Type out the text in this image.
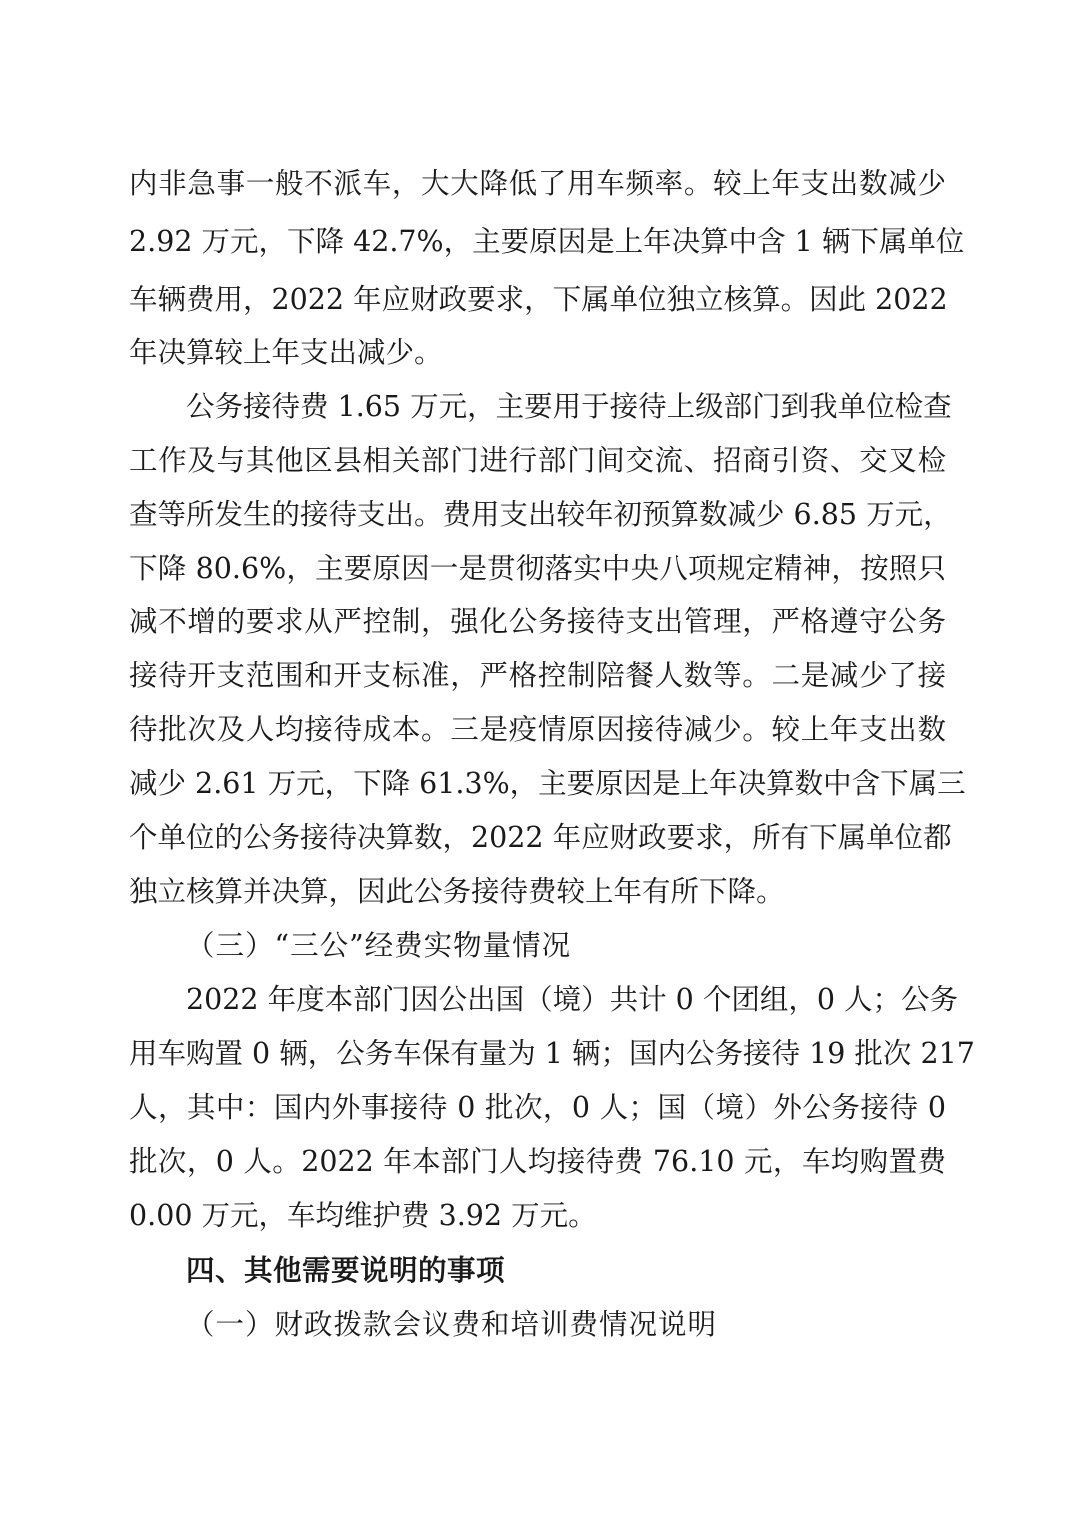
内非急事一般不派车，大大降低了用车频率。较上年支出数减少
2.92 万元，下降 42.7%，主要原因是上年决算中含 1 辆下属单位
车辆费用，2022 年应财政要求，下属单位独立核算。因此 2022
年决算较上年支出减少。
公务接待费 1.65 万元，主要用于接待上级部门到我单位检查
工作及与其他区县相关部门进行部门间交流、招商引资、交叉检
查等所发生的接待支出。费用支出较年初预算数减少 6.85 万元，
下降 80.6%，主要原因一是贯彻落实中央八项规定精神，按照只
减不增的要求从严控制，强化公务接待支出管理，严格遵守公务
接待开支范围和开支标准，严格控制陪餐人数等。二是减少了接
待批次及人均接待成本。三是疫情原因接待减少。较上年支出数
减少 2.61 万元，下降 61.3%，主要原因是上年决算数中含下属三
个单位的公务接待决算数，2022 年应财政要求，所有下属单位都
独立核算并决算，因此公务接待费较上年有所下降。
（三）“三公”经费实物量情况
2022 年度本部门因公出国（境）共计 0 个团组，0 人；公务
用车购置 0 辆，公务车保有量为 1 辆；国内公务接待 19 批次 217
人，其中：国内外事接待 0 批次，0 人；国（境）外公务接待 0
批次，0 人。2022 年本部门人均接待费 76.10 元，车均购置费
0.00 万元，车均维护费 3.92 万元。
四、其他需要说明的事项
（一）财政拨款会议费和培训费情况说明
